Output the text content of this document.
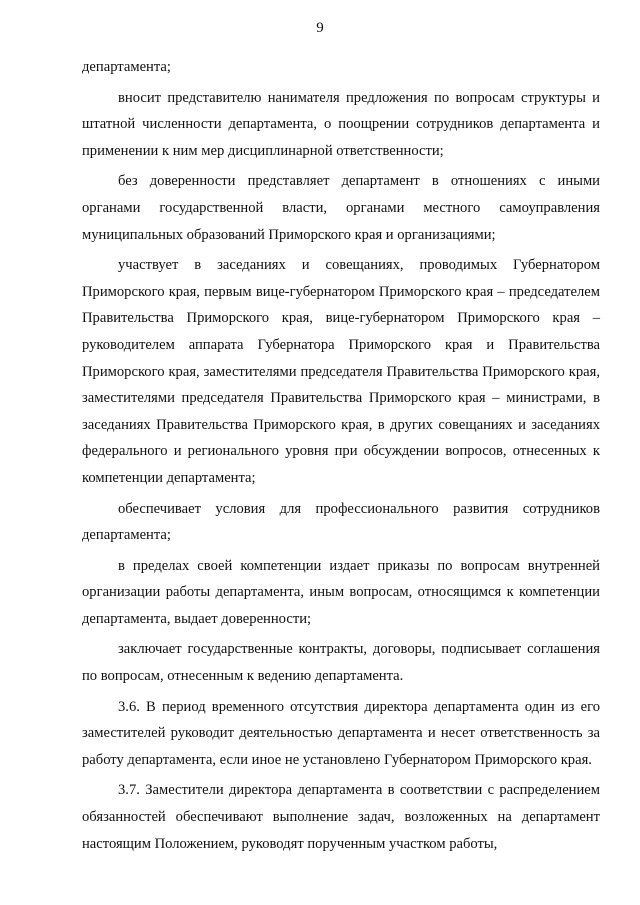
9

департамента;

вносит представителю нанимателя предложения по вопросам структуры и штатной численности департамента, о поощрении сотрудников департамента и применении к ним мер дисциплинарной ответственности;

без доверенности представляет департамент в отношениях с иными органами государственной власти, органами местного самоуправления муниципальных образований Приморского края и организациями;

участвует в заседаниях и совещаниях, проводимых Губернатором Приморского края, первым вице-губернатором Приморского края – председателем Правительства Приморского края, вице-губернатором Приморского края – руководителем аппарата Губернатора Приморского края и Правительства Приморского края, заместителями председателя Правительства Приморского края, заместителями председателя Правительства Приморского края – министрами, в заседаниях Правительства Приморского края, в других совещаниях и заседаниях федерального и регионального уровня при обсуждении вопросов, отнесенных к компетенции департамента;

обеспечивает условия для профессионального развития сотрудников департамента;

в пределах своей компетенции издает приказы по вопросам внутренней организации работы департамента, иным вопросам, относящимся к компетенции департамента, выдает доверенности;

заключает государственные контракты, договоры, подписывает соглашения по вопросам, отнесенным к ведению департамента.

3.6. В период временного отсутствия директора департамента один из его заместителей руководит деятельностью департамента и несет ответственность за работу департамента, если иное не установлено Губернатором Приморского края.

3.7. Заместители директора департамента в соответствии с распределением обязанностей обеспечивают выполнение задач, возложенных на департамент настоящим Положением, руководят порученным участком работы,
